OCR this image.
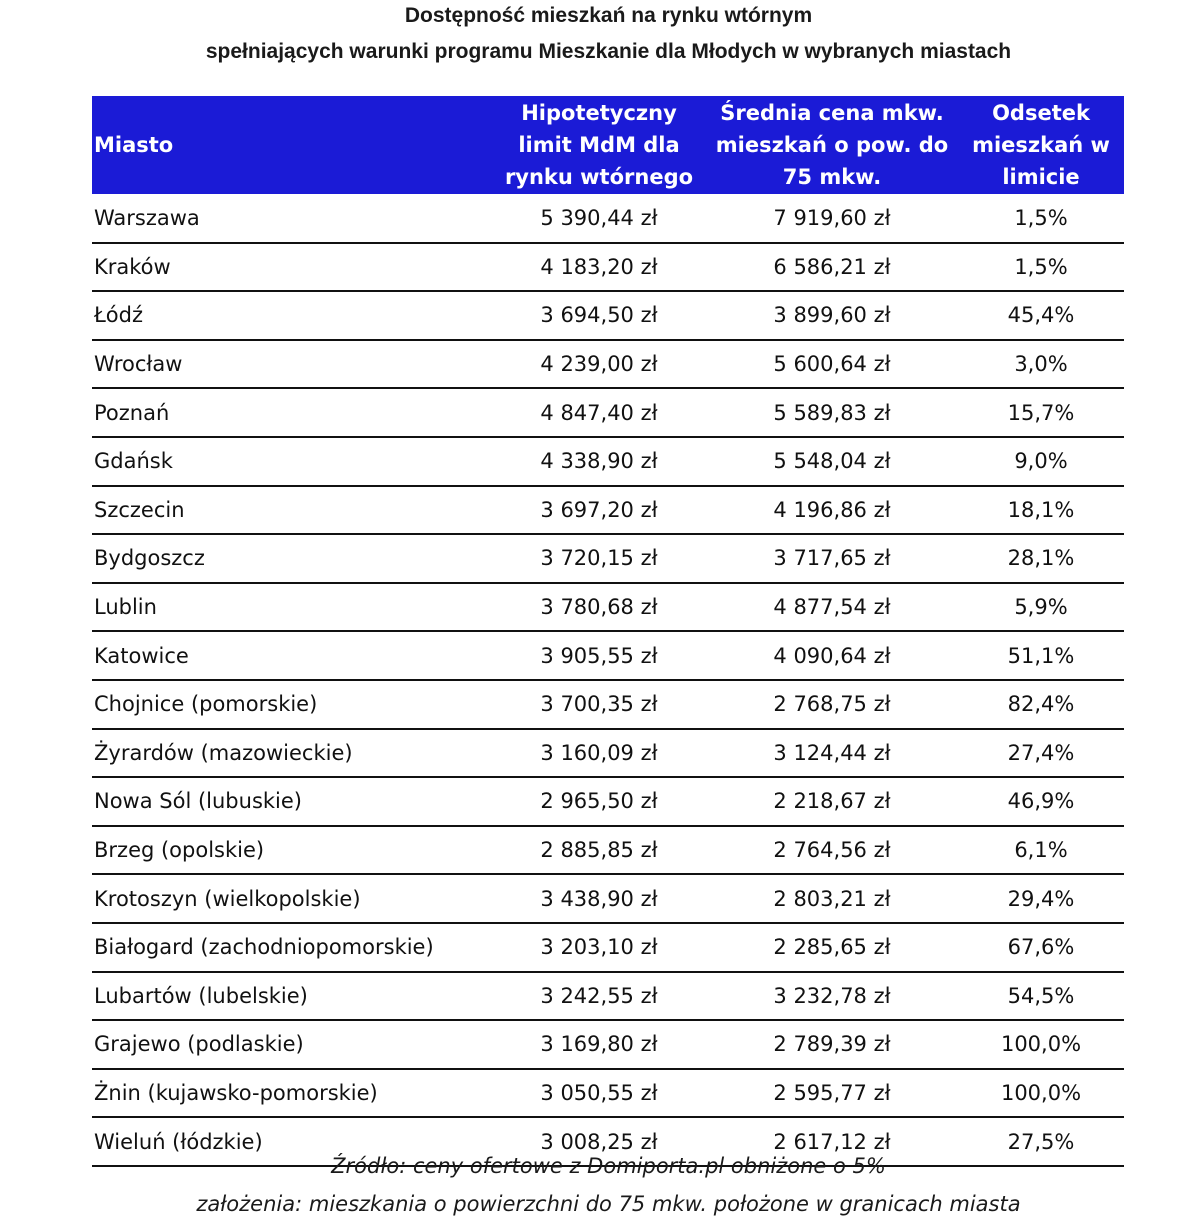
Dostępność mieszkań na rynku wtórnym
spełniających warunki programu Mieszkanie dla Młodych w wybranych miastach
Miasto	Hipotetyczny limit MdM dla rynku wtórnego	Średnia cena mkw. mieszkań o pow. do 75 mkw.	Odsetek mieszkań w limicie
Warszawa	5 390,44 zł	7 919,60 zł	1,5%
Kraków	4 183,20 zł	6 586,21 zł	1,5%
Łódź	3 694,50 zł	3 899,60 zł	45,4%
Wrocław	4 239,00 zł	5 600,64 zł	3,0%
Poznań	4 847,40 zł	5 589,83 zł	15,7%
Gdańsk	4 338,90 zł	5 548,04 zł	9,0%
Szczecin	3 697,20 zł	4 196,86 zł	18,1%
Bydgoszcz	3 720,15 zł	3 717,65 zł	28,1%
Lublin	3 780,68 zł	4 877,54 zł	5,9%
Katowice	3 905,55 zł	4 090,64 zł	51,1%
Chojnice (pomorskie)	3 700,35 zł	2 768,75 zł	82,4%
Żyrardów (mazowieckie)	3 160,09 zł	3 124,44 zł	27,4%
Nowa Sól (lubuskie)	2 965,50 zł	2 218,67 zł	46,9%
Brzeg (opolskie)	2 885,85 zł	2 764,56 zł	6,1%
Krotoszyn (wielkopolskie)	3 438,90 zł	2 803,21 zł	29,4%
Białogard (zachodniopomorskie)	3 203,10 zł	2 285,65 zł	67,6%
Lubartów (lubelskie)	3 242,55 zł	3 232,78 zł	54,5%
Grajewo (podlaskie)	3 169,80 zł	2 789,39 zł	100,0%
Żnin (kujawsko-pomorskie)	3 050,55 zł	2 595,77 zł	100,0%
Wieluń (łódzkie)	3 008,25 zł	2 617,12 zł	27,5%
Źródło: ceny ofertowe z Domiporta.pl obniżone o 5%
założenia: mieszkania o powierzchni do 75 mkw. położone w granicach miasta
